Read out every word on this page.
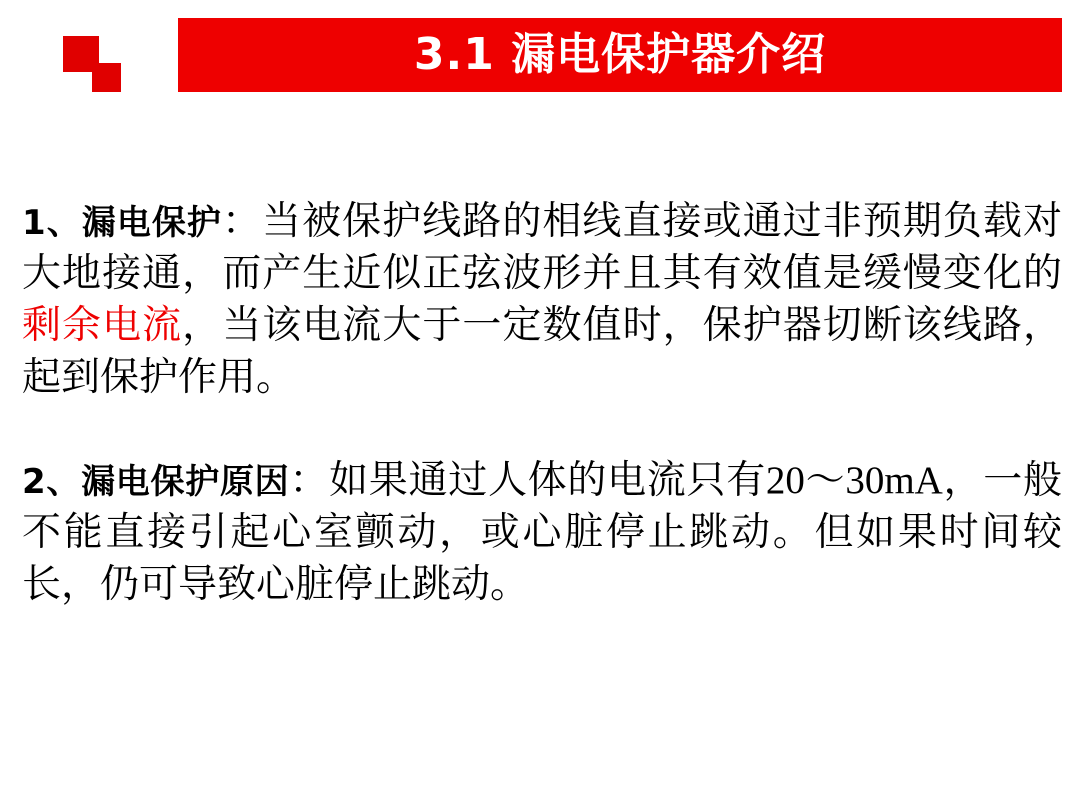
3.1 漏电保护器介绍
1、漏电保护：当被保护线路的相线直接或通过非预期负载对大地接通，而产生近似正弦波形并且其有效值是缓慢变化的剩余电流，当该电流大于一定数值时，保护器切断该线路，起到保护作用。
2、漏电保护原因：如果通过人体的电流只有20～30mA，一般不能直接引起心室颤动，或心脏停止跳动。但如果时间较长，仍可导致心脏停止跳动。
